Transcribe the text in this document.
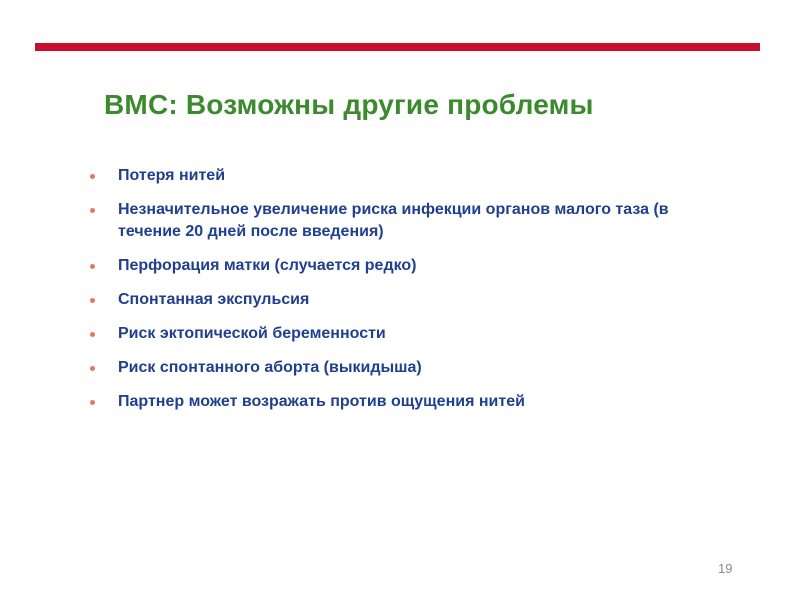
ВМС: Возможны другие проблемы
Потеря нитей
Незначительное увеличение риска инфекции органов малого таза (в течение 20 дней после введения)
Перфорация матки (случается редко)
Спонтанная экспульсия
Риск эктопической беременности
Риск спонтанного аборта (выкидыша)
Партнер может возражать против ощущения нитей
19
